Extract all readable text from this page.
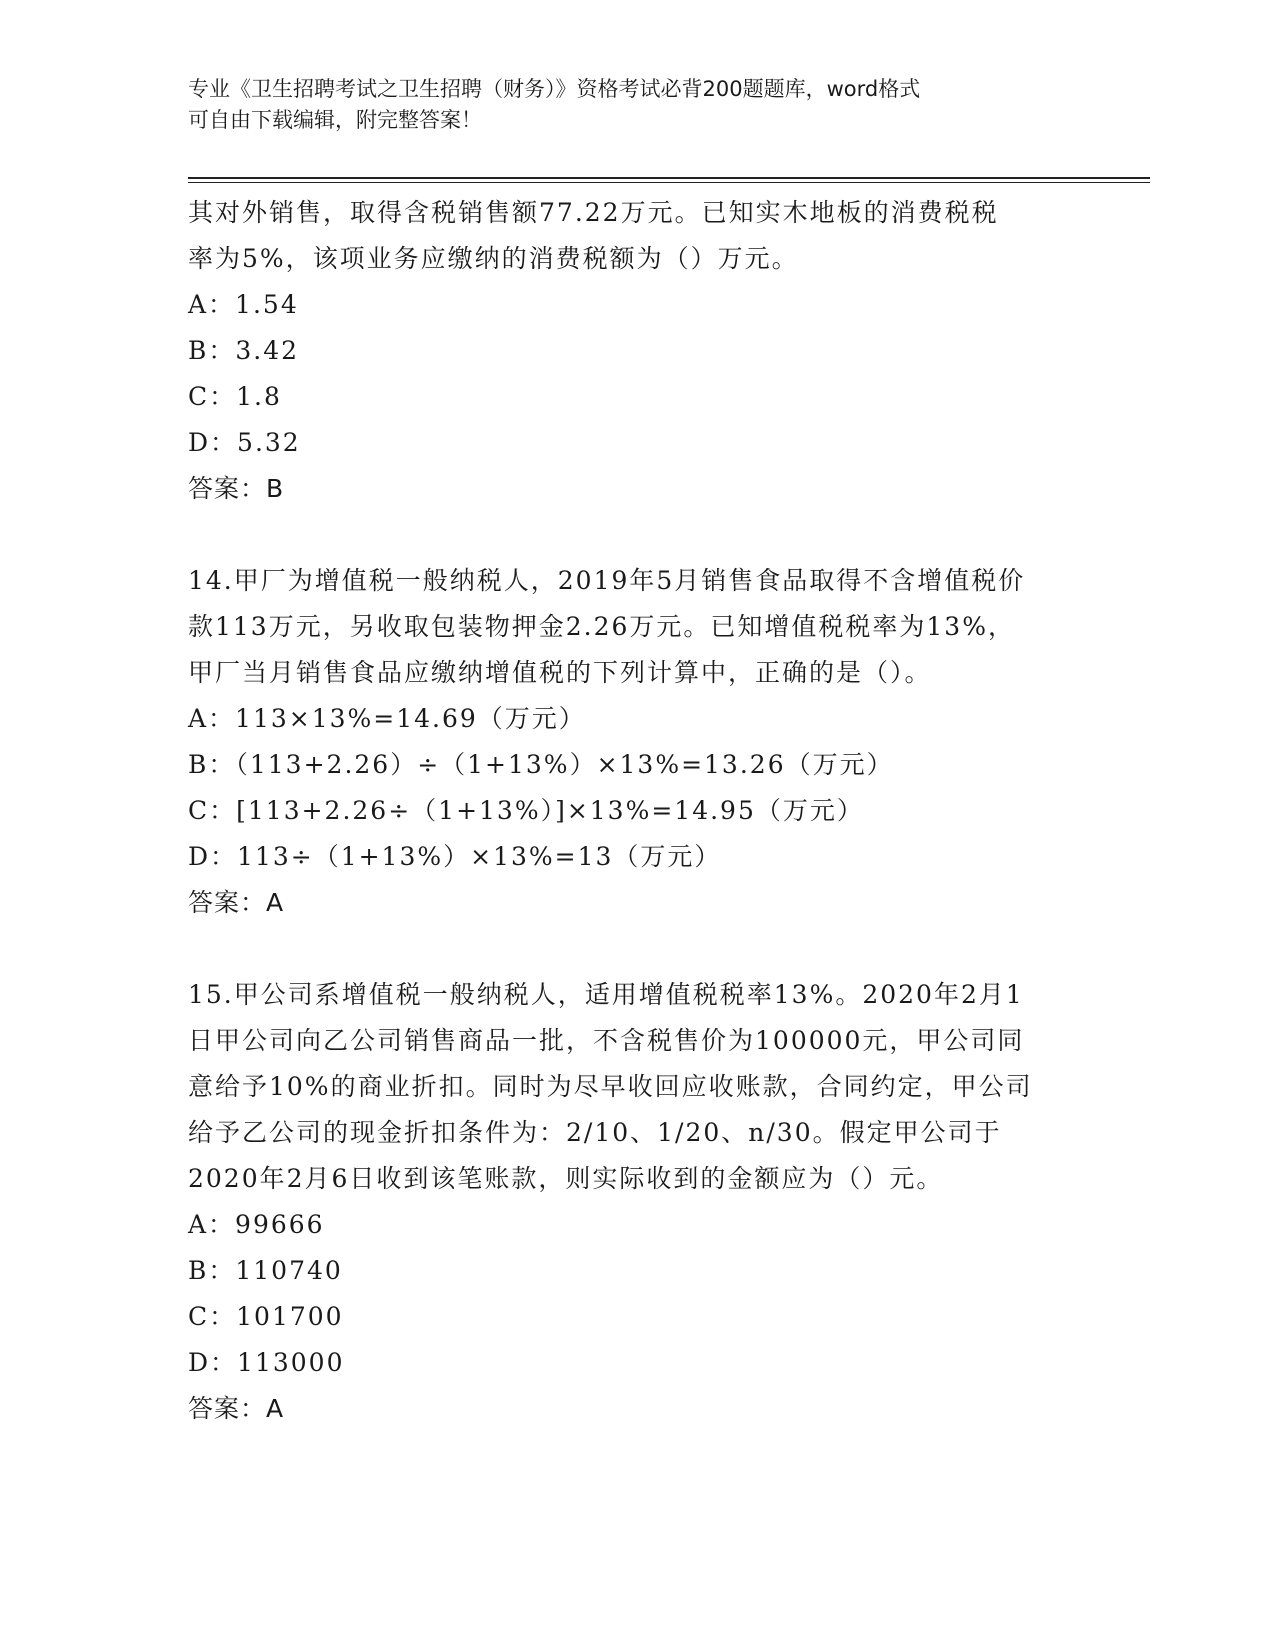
专业《卫生招聘考试之卫生招聘（财务）》资格考试必背200题题库，word格式
可自由下载编辑，附完整答案！
其对外销售，取得含税销售额77.22万元。已知实木地板的消费税税
率为5%，该项业务应缴纳的消费税额为（）万元。
A：1.54
B：3.42
C：1.8
D：5.32
答案：B
14.甲厂为增值税一般纳税人，2019年5月销售食品取得不含增值税价
款113万元，另收取包装物押金2.26万元。已知增值税税率为13%，
甲厂当月销售食品应缴纳增值税的下列计算中，正确的是（）。
A：113×13%=14.69（万元）
B：（113+2.26）÷（1+13%）×13%=13.26（万元）
C：[113+2.26÷（1+13%）]×13%=14.95（万元）
D：113÷（1+13%）×13%=13（万元）
答案：A
15.甲公司系增值税一般纳税人，适用增值税税率13%。2020年2月1
日甲公司向乙公司销售商品一批，不含税售价为100000元，甲公司同
意给予10%的商业折扣。同时为尽早收回应收账款，合同约定，甲公司
给予乙公司的现金折扣条件为：2/10、1/20、n/30。假定甲公司于
2020年2月6日收到该笔账款，则实际收到的金额应为（）元。
A：99666
B：110740
C：101700
D：113000
答案：A
